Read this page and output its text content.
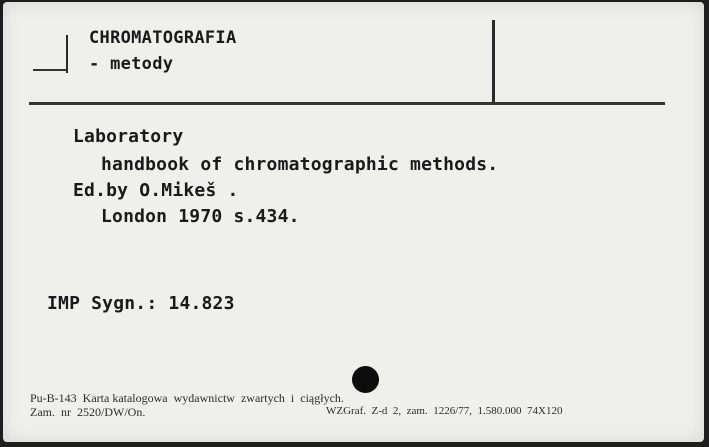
CHROMATOGRAFIA
- metody
Laboratory
handbook of chromatographic methods.
Ed.by O.Mikeš .
London 1970 s.434.
IMP Sygn.: 14.823
Pu-B-143  Karta katalogowa  wydawnictw  zwartych  i  ciągłych.
Zam.  nr  2520/DW/On.	WZGraf.  Z-d  2,  zam.  1226/77,  1.580.000  74X120
